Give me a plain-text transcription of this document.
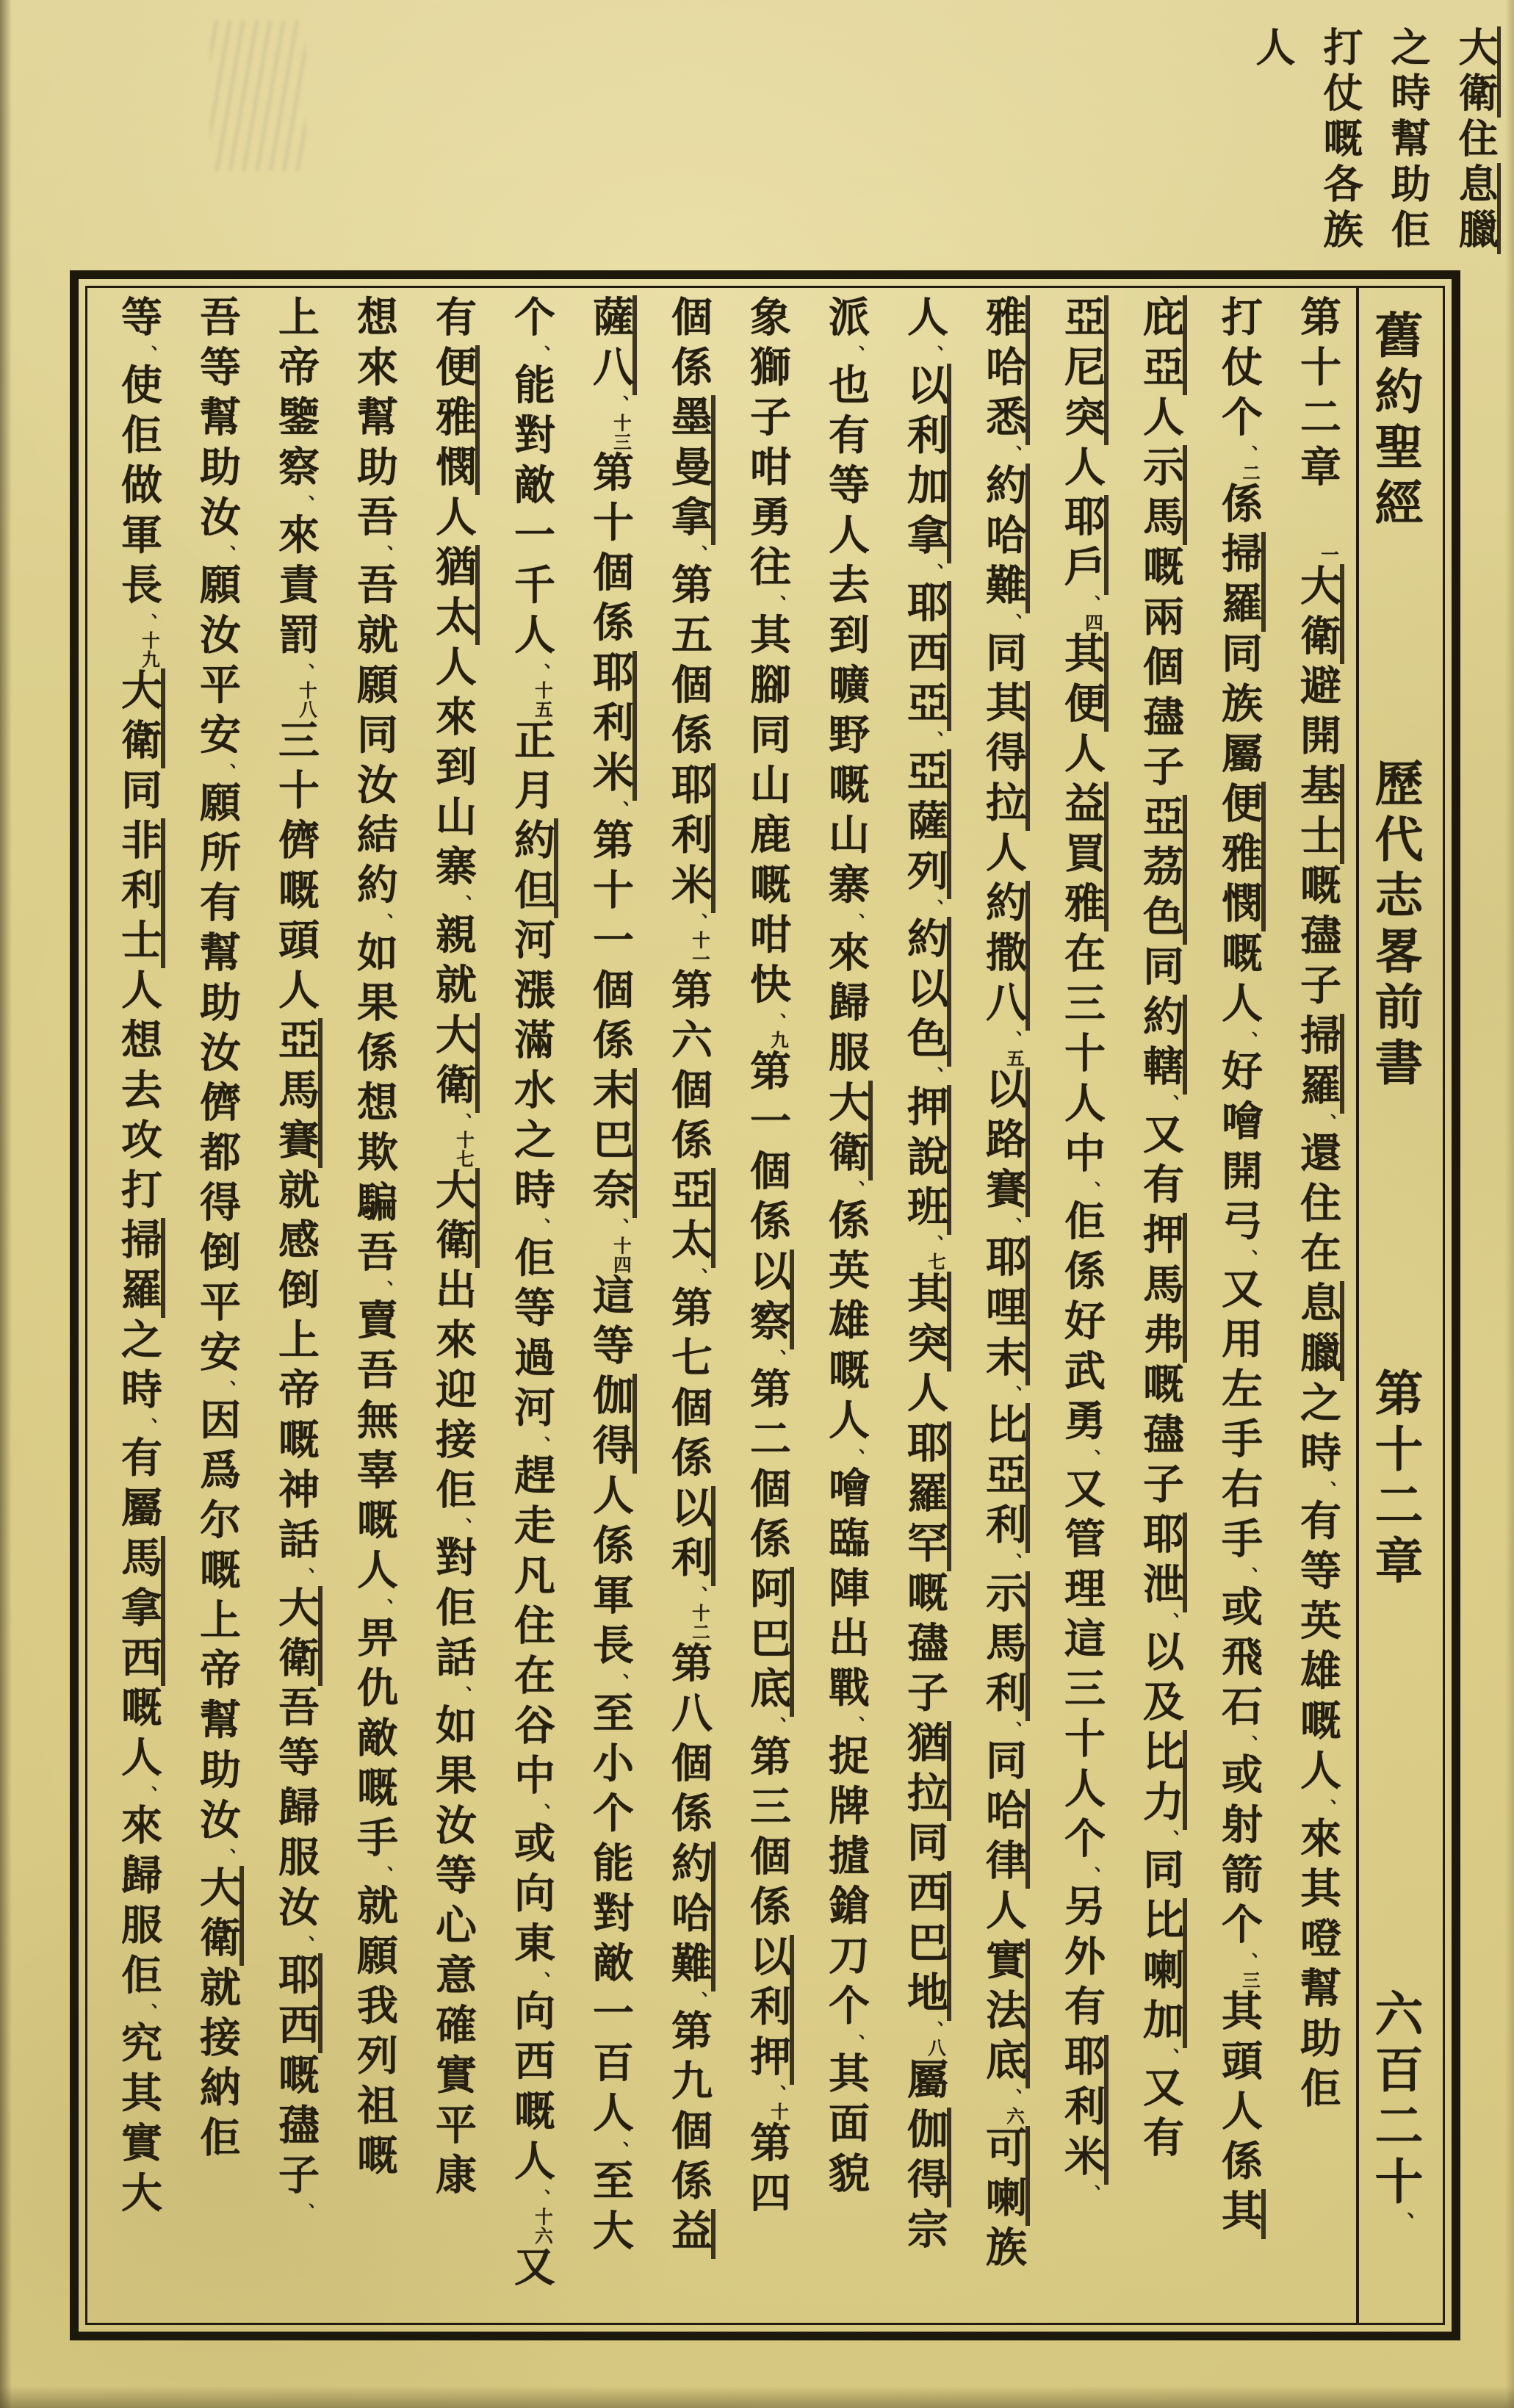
大衛住息臘
之時幫助佢
打仗嘅各族
人
第十二章　一大衛避開基士嘅孻子掃羅、還住在息臘之時、有等英雄嘅人、來其噔幫助佢
打仗个、二係掃羅同族屬便雅憫嘅人、好噲開弓、又用左手右手、或飛石、或射箭个、三其頭人係其
庇亞人示馬嘅兩個孻子亞茘色同約轄、又有押馬弗嘅孻子耶泄、以及比力、同比喇加、又有
亞尼突人耶戶、四其便人益買雅在三十人中、佢係好武勇、又管理這三十人个、另外有耶利米、
雅哈悉、約哈難、同其得拉人約撒八、五以路賽、耶哩末、比亞利、示馬利、同哈律人實法底、六可喇族
人、以利加拿、耶西亞、亞薩列、約以色、押說班、七其突人耶羅罕嘅孻子猶拉同西巴地、八屬伽得宗
派、也有等人去到曠野嘅山寨、來歸服大衛、係英雄嘅人、噲臨陣出戰、捉牌摣鎗刀个、其面貌
象獅子咁勇往、其腳同山鹿嘅咁快、九第一個係以察、第二個係阿巴底、第三個係以利押、十第四
個係墨曼拿、第五個係耶利米、十一第六個係亞太、第七個係以利、十二第八個係約哈難、第九個係益
薩八、十三第十個係耶利米、第十一個係末巴奈、十四這等伽得人係軍長、至小个能對敵一百人、至大
个、能對敵一千人、十五正月約但河漲滿水之時、佢等過河、趕走凡住在谷中、或向東、向西嘅人、十六又
有便雅憫人猶太人來到山寨、親就大衛、十七大衛出來迎接佢、對佢話、如果汝等心意確實平康
想來幫助吾、吾就願同汝結約、如果係想欺騙吾、賣吾無辜嘅人、畀仇敵嘅手、就願我列祖嘅
上帝鑒察、來責罰、十八三十儕嘅頭人亞馬賽就感倒上帝嘅神話、大衛吾等歸服汝、耶西嘅孻子、
吾等幫助汝、願汝平安、願所有幫助汝儕都得倒平安、因爲尔嘅上帝幫助汝、大衛就接納佢
等、使佢做軍長、十九大衛同非利士人想去攻打掃羅之時、有屬馬拿西嘅人、來歸服佢、究其實大
舊約聖經
歷代志畧前書
第十二章
六百二十、
